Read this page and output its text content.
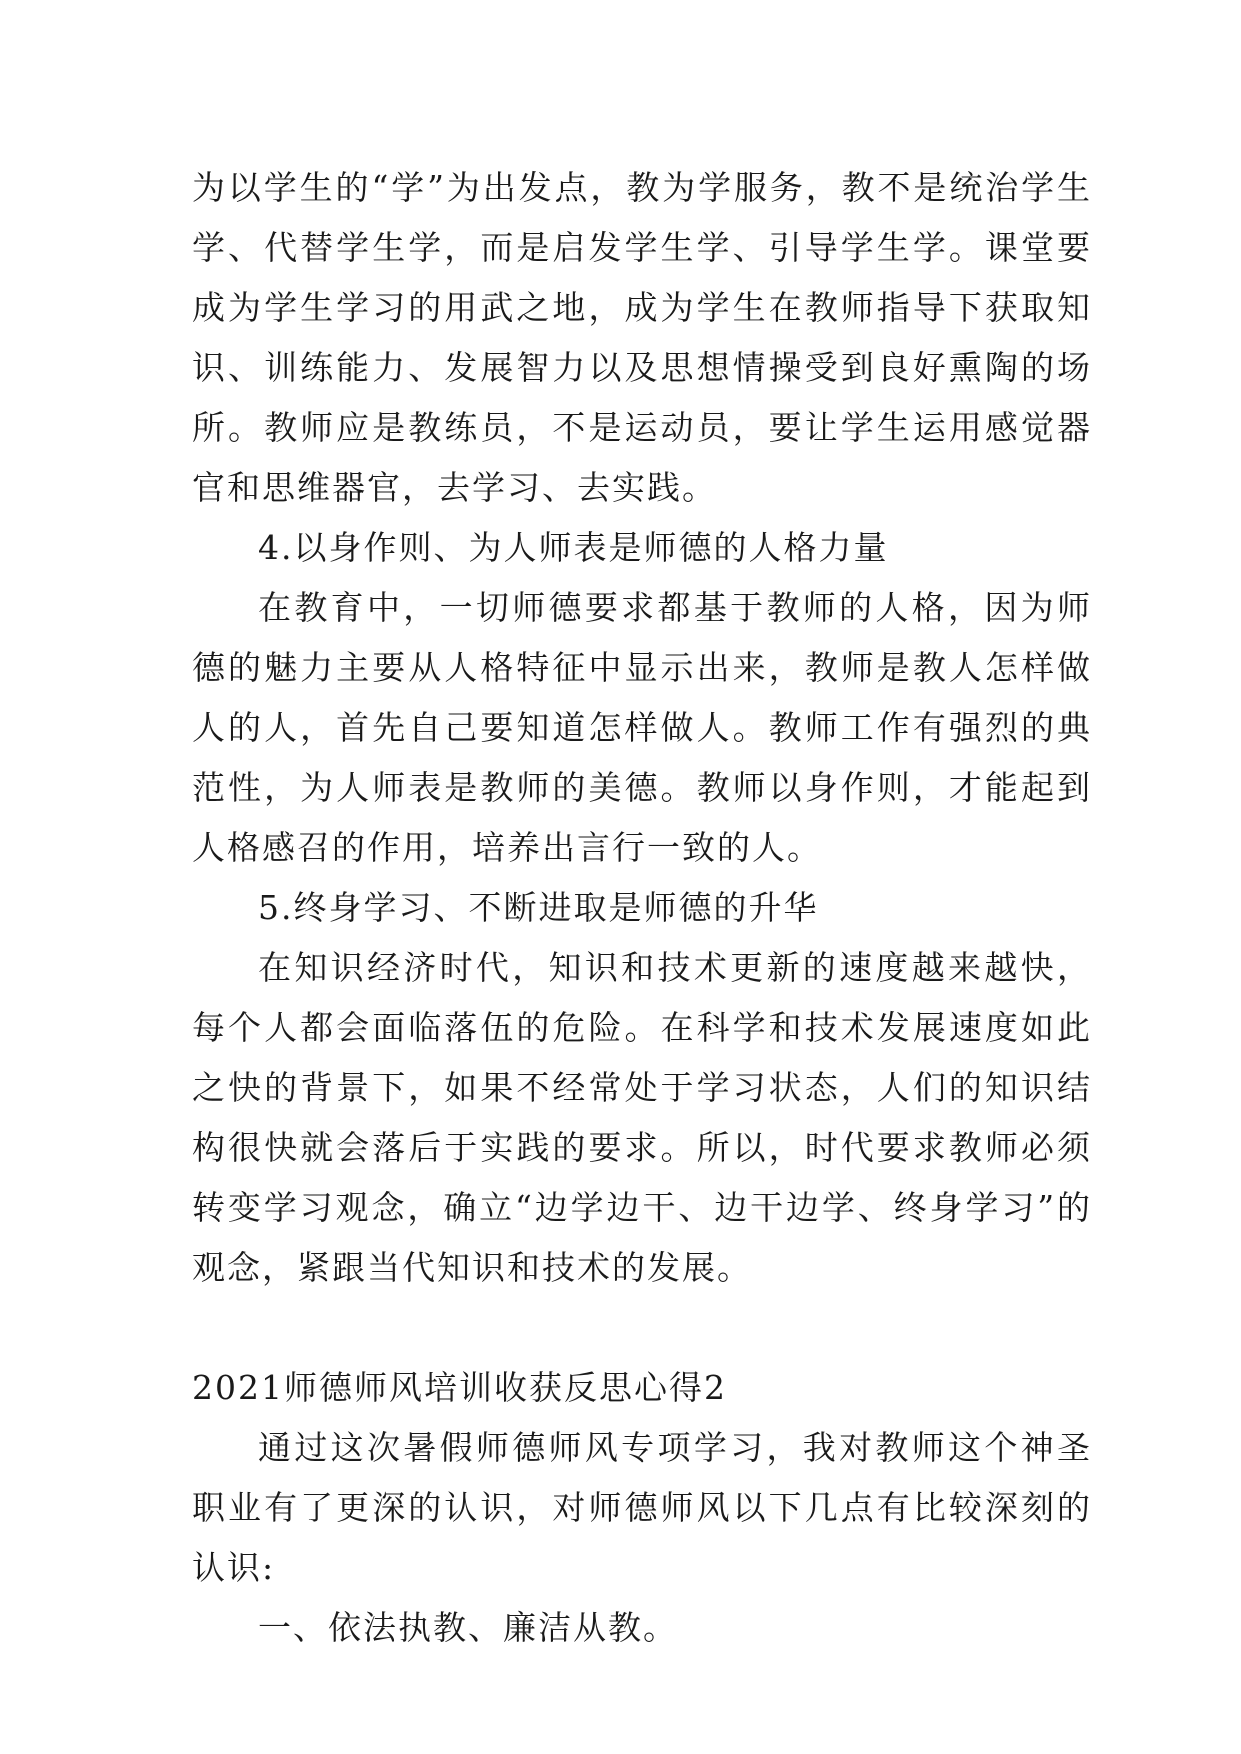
为以学生的“学”为出发点，教为学服务，教不是统治学生学、代替学生学，而是启发学生学、引导学生学。课堂要成为学生学习的用武之地，成为学生在教师指导下获取知识、训练能力、发展智力以及思想情操受到良好熏陶的场所。教师应是教练员，不是运动员，要让学生运用感觉器官和思维器官，去学习、去实践。

4.以身作则、为人师表是师德的人格力量

在教育中，一切师德要求都基于教师的人格，因为师德的魅力主要从人格特征中显示出来，教师是教人怎样做人的人，首先自己要知道怎样做人。教师工作有强烈的典范性，为人师表是教师的美德。教师以身作则，才能起到人格感召的作用，培养出言行一致的人。

5.终身学习、不断进取是师德的升华

在知识经济时代，知识和技术更新的速度越来越快，每个人都会面临落伍的危险。在科学和技术发展速度如此之快的背景下，如果不经常处于学习状态，人们的知识结构很快就会落后于实践的要求。所以，时代要求教师必须转变学习观念，确立“边学边干、边干边学、终身学习”的观念，紧跟当代知识和技术的发展。

2021师德师风培训收获反思心得2

通过这次暑假师德师风专项学习，我对教师这个神圣职业有了更深的认识，对师德师风以下几点有比较深刻的认识:

一、依法执教、廉洁从教。
